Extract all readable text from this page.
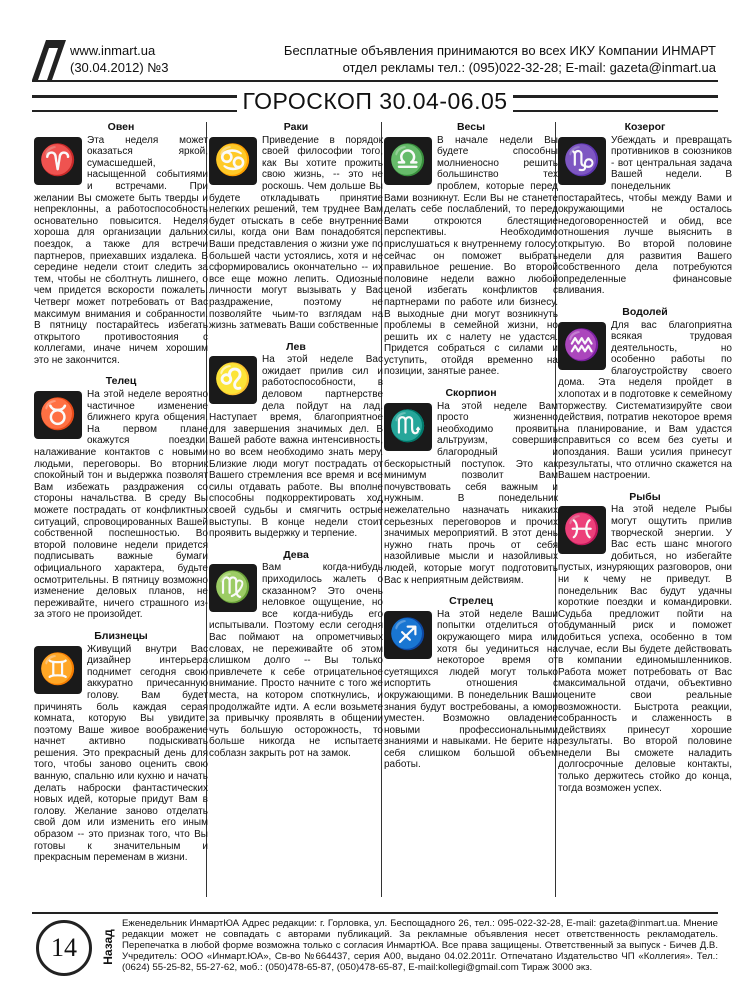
www.inmart.ua
(30.04.2012) №3
Бесплатные объявления принимаются во всех ИКУ Компании ИНМАРТ
отдел рекламы тел.: (095)022-32-28; E-mail: gazeta@inmart.ua
ГОРОСКОП 30.04-06.05
Овен
♈

Эта неделя может оказаться яркой, сумасшедшей, насыщенной событиями и встречами. При желании Вы сможете быть тверды и непреклонны, а работоспособность основательно повысится. Неделя хороша для организации дальних поездок, а также для встречи партнеров, приехавших издалека. В середине недели стоит следить за тем, чтобы не сболтнуть лишнего, о чем придется вскорости пожалеть. Четверг может потребовать от Вас максимум внимания и собранности. В пятницу постарайтесь избегать открытого противостояния с коллегами, иначе ничем хорошим это не закончится.

Телец
♉

На этой неделе вероятно частичное изменение ближнего круга общения. На первом плане окажутся поездки, налаживание контактов с новыми людьми, переговоры. Во вторник спокойный тон и выдержка позволят Вам избежать раздражения со стороны начальства. В среду Вы можете пострадать от конфликтных ситуаций, спровоцированных Вашей собственной поспешностью. Во второй половине недели придется подписывать важные бумаги официального характера, будьте осмотрительны. В пятницу возможно изменение деловых планов, не переживайте, ничего страшного из-за этого не произойдет.

Близнецы
♊

Живущий внутри Вас дизайнер интерьера поднимет сегодня свою аккуратно причесанную голову. Вам будет причинять боль каждая серая комната, которую Вы увидите, поэтому Ваше живое воображение начнет активно подыскивать решения. Это прекрасный день для того, чтобы заново оценить свою ванную, спальню или кухню и начать делать наброски фантастических новых идей, которые придут Вам в голову. Желание заново отделать свой дом или изменить его иным образом -- это признак того, что Вы готовы к значительным и прекрасным переменам в жизни.

Раки
♋

Приведение в порядок своей философии того, как Вы хотите прожить свою жизнь, -- это не роскошь. Чем дольше Вы будете откладывать принятие нелегких решений, тем труднее Вам будет отыскать в себе внутренние силы, когда они Вам понадобятся. Ваши представления о жизни уже по большей части устоялись, хотя и не сформировались окончательно -- их все еще можно лепить. Одиозные личности могут вызывать у Вас раздражение, поэтому не позволяйте чьим-то взглядам на жизнь затмевать Ваши собственные

Лев
♌

На этой неделе Вас ожидает прилив сил и работоспособности, в деловом партнерстве дела пойдут на лад. Наступает время, благоприятное для завершения значимых дел. В Вашей работе важна интенсивность, но во всем необходимо знать меру. Близкие люди могут пострадать от Вашего стремления все время и все силы отдавать работе. Вы вполне способны подкорректировать ход своей судьбы и смягчить острые выступы. В конце недели стоит проявить выдержку и терпение.

Дева
♍

Вам когда-нибудь приходилось жалеть о сказанном? Это очень неловкое ощущение, но все когда-нибудь его испытывали. Поэтому если сегодня Вас поймают на опрометчивых словах, не переживайте об этом слишком долго -- Вы только привлечете к себе отрицательное внимание. Просто начните с того же места, на котором споткнулись, и продолжайте идти. А если возьмете за привычку проявлять в общении чуть большую осторожность, то больше никогда не испытаете соблазн закрыть рот на замок.

Весы
♎

В начале недели Вы будете способны молниеносно решить большинство тех проблем, которые перед Вами возникнут. Если Вы не станете делать себе послаблений, то перед Вами откроются блестящие перспективы. Необходимо прислушаться к внутреннему голосу: сейчас он поможет выбрать правильное решение. Во второй половине недели важно любой ценой избегать конфликтов с партнерами по работе или бизнесу. В выходные дни могут возникнуть проблемы в семейной жизни, но решить их с налету не удастся. Придется собраться с силами и уступить, отойдя временно на позиции, занятые ранее.

Скорпион
♏

На этой неделе Вам просто жизненно необходимо проявить альтруизм, совершив благородный и бескорыстный поступок. Это как минимум позволит Вам почувствовать себя важным и нужным. В понедельник нежелательно назначать никаких серьезных переговоров и прочих значимых мероприятий. В этот день нужно гнать прочь от себя назойливые мысли и назойливых людей, которые могут подготовить Вас к неприятным действиям.

Стрелец
♐

На этой неделе Ваши попытки отделиться от окружающего мира или хотя бы уединиться на некоторое время от суетящихся людей могут только испортить отношения с окружающими. В понедельник Ваши знания будут востребованы, а юмор уместен. Возможно овладение новыми профессиональными знаниями и навыками. Не берите на себя слишком большой объем работы.

Козерог
♑

Убеждать и превращать противников в союзников - вот центральная задача Вашей недели. В понедельник постарайтесь, чтобы между Вами и окружающими не осталось недоговоренностей и обид, все отношения лучше выяснить в открытую. Во второй половине недели для развития Вашего собственного дела потребуются определенные финансовые вливания.

Водолей
♒

Для вас благоприятна всякая трудовая деятельность, но особенно работы по благоустройству своего дома. Эта неделя пройдет в хлопотах и в подготовке к семейному торжеству. Систематизируйте свои действия, потратив некоторое время на планирование, и Вам удастся справиться со всем без суеты и опоздания. Ваши усилия принесут результаты, что отлично скажется на Вашем настроении.

Рыбы
♓

На этой неделе Рыбы могут ощутить прилив творческой энергии. У Вас есть шанс многого добиться, но избегайте пустых, изнуряющих разговоров, они ни к чему не приведут. В понедельник Вас будут удачны короткие поездки и командировки. Судьба предложит пойти на обдуманный риск и поможет добиться успеха, особенно в том случае, если Вы будете действовать в компании единомышленников. Работа может потребовать от Вас максимальной отдачи, объективно оцените свои реальные возможности. Быстрота реакции, собранность и слаженность в действиях принесут хорошие результаты. Во второй половине недели Вы сможете наладить долгосрочные деловые контакты, только держитесь стойко до конца, тогда возможен успех.

14	Назад
Еженедельник ИнмартЮА Адрес редакции: г. Горловка, ул. Беспощадного 26, тел.: 095-022-32-28, E-mail: gazeta@inmart.ua. Мнение редакции может не совпадать с авторами публикаций. За рекламные объявления несет ответственность рекламодатель. Перепечатка в любой форме возможна только с согласия ИнмартЮА. Все права защищены. Ответственный за выпуск - Бичев Д.В. Учредитель: ООО «Инмарт.ЮА», Св-во №664437, серия А00, выдано 04.02.2011г. Отпечатано Издательство ЧП «Коллегия». Тел.: (0624) 55-25-82, 55-27-62, моб.: (050)478-65-87, (050)478-65-87, E-mail:kollegi@gmail.com Тираж 3000 экз.
